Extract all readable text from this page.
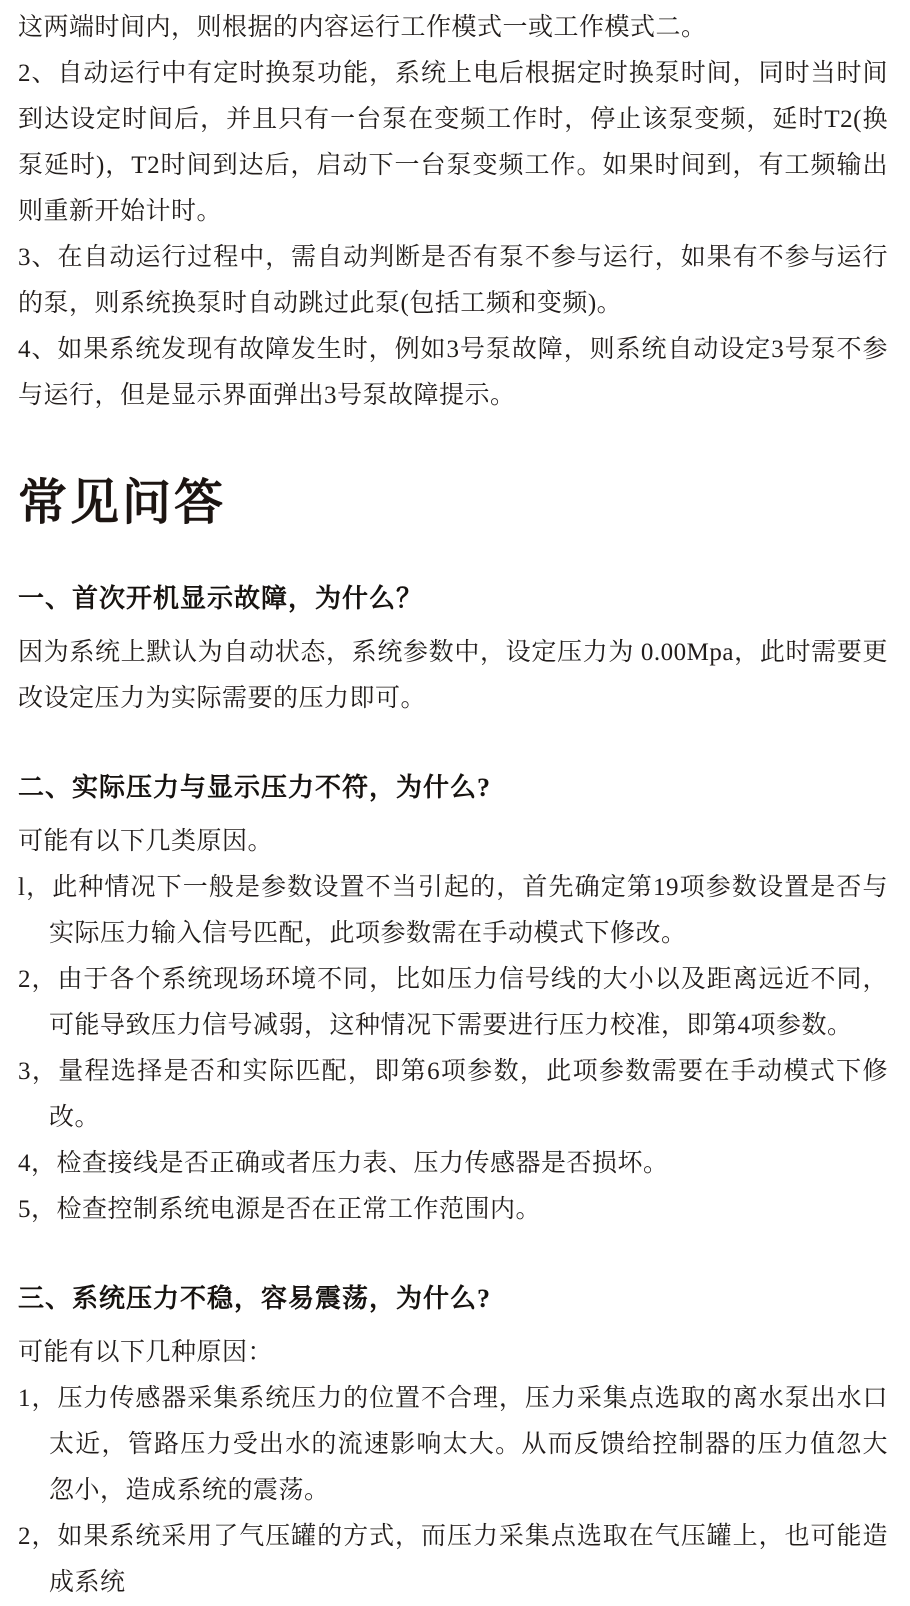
这两端时间内，则根据的内容运行工作模式一或工作模式二。

2、自动运行中有定时换泵功能，系统上电后根据定时换泵时间，同时当时间到达设定时间后，并且只有一台泵在变频工作时，停止该泵变频，延时T2(换泵延时)，T2时间到达后，启动下一台泵变频工作。如果时间到，有工频输出则重新开始计时。

3、在自动运行过程中，需自动判断是否有泵不参与运行，如果有不参与运行的泵，则系统换泵时自动跳过此泵(包括工频和变频)。

4、如果系统发现有故障发生时，例如3号泵故障，则系统自动设定3号泵不参与运行，但是显示界面弹出3号泵故障提示。

常见问答
一、首次开机显示故障，为什么？

因为系统上默认为自动状态，系统参数中，设定压力为 0.00Mpa，此时需要更改设定压力为实际需要的压力即可。

二、实际压力与显示压力不符，为什么?

可能有以下几类原因。

l，此种情况下一般是参数设置不当引起的，首先确定第19项参数设置是否与实际压力输入信号匹配，此项参数需在手动模式下修改。

2，由于各个系统现场环境不同，比如压力信号线的大小以及距离远近不同，可能导致压力信号减弱，这种情况下需要进行压力校准，即第4项参数。

3，量程选择是否和实际匹配，即第6项参数，此项参数需要在手动模式下修改。

4，检查接线是否正确或者压力表、压力传感器是否损坏。

5，检查控制系统电源是否在正常工作范围内。

三、系统压力不稳，容易震荡，为什么?

可能有以下几种原因：

1，压力传感器采集系统压力的位置不合理，压力采集点选取的离水泵出水口太近，管路压力受出水的流速影响太大。从而反馈给控制器的压力值忽大忽小，造成系统的震荡。

2，如果系统采用了气压罐的方式，而压力采集点选取在气压罐上，也可能造成系统
